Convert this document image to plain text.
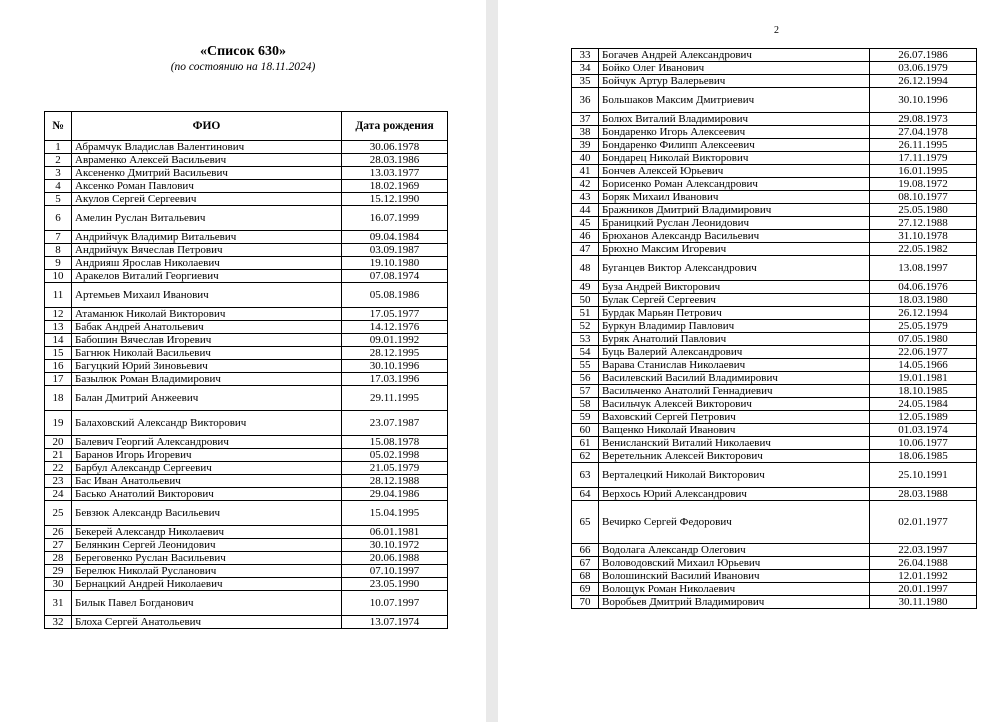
«Список 630»
(по состоянию на 18.11.2024)
№	ФИО	Дата рождения
1	Абрамчук Владислав Валентинович	30.06.1978
2	Авраменко Алексей Васильевич	28.03.1986
3	Аксененко Дмитрий Васильевич	13.03.1977
4	Аксенко Роман Павлович	18.02.1969
5	Акулов Сергей Сергеевич	15.12.1990
6	Амелин Руслан Витальевич	16.07.1999
7	Андрийчук Владимир Витальевич	09.04.1984
8	Андрийчук Вячеслав Петрович	03.09.1987
9	Андрияш Ярослав Николаевич	19.10.1980
10	Аракелов Виталий Георгиевич	07.08.1974
11	Артемьев Михаил Иванович	05.08.1986
12	Атаманюк Николай Викторович	17.05.1977
13	Бабак Андрей Анатольевич	14.12.1976
14	Бабошин Вячеслав Игоревич	09.01.1992
15	Багнюк Николай Васильевич	28.12.1995
16	Багуцкий Юрий Зиновьевич	30.10.1996
17	Базылюк Роман Владимирович	17.03.1996
18	Балан Дмитрий Анжеевич	29.11.1995
19	Балаховский Александр Викторович	23.07.1987
20	Балевич Георгий Александрович	15.08.1978
21	Баранов Игорь Игоревич	05.02.1998
22	Барбул Александр Сергеевич	21.05.1979
23	Бас Иван Анатольевич	28.12.1988
24	Басько Анатолий Викторович	29.04.1986
25	Бевзюк Александр Васильевич	15.04.1995
26	Бекерей Александр Николаевич	06.01.1981
27	Белянкин Сергей Леонидович	30.10.1972
28	Береговенко Руслан Васильевич	20.06.1988
29	Берелюк Николай Русланович	07.10.1997
30	Бернацкий Андрей Николаевич	23.05.1990
31	Билык Павел Богданович	10.07.1997
32	Блоха Сергей Анатольевич	13.07.1974
2
33	Богачев Андрей Александрович	26.07.1986
34	Бойко Олег Иванович	03.06.1979
35	Бойчук Артур Валерьевич	26.12.1994
36	Большаков Максим Дмитриевич	30.10.1996
37	Болюх Виталий Владимирович	29.08.1973
38	Бондаренко Игорь Алексеевич	27.04.1978
39	Бондаренко Филипп Алексеевич	26.11.1995
40	Бондарец Николай Викторович	17.11.1979
41	Бончев Алексей Юрьевич	16.01.1995
42	Борисенко Роман Александрович	19.08.1972
43	Боряк Михаил Иванович	08.10.1977
44	Бражников Дмитрий Владимирович	25.05.1980
45	Браницкий Руслан Леонидович	27.12.1988
46	Брюханов Александр Васильевич	31.10.1978
47	Брюхно Максим Игоревич	22.05.1982
48	Буганцев Виктор Александрович	13.08.1997
49	Буза Андрей Викторович	04.06.1976
50	Булак Сергей Сергеевич	18.03.1980
51	Бурдак Марьян Петрович	26.12.1994
52	Буркун Владимир Павлович	25.05.1979
53	Буряк Анатолий Павлович	07.05.1980
54	Буць Валерий Александрович	22.06.1977
55	Варава Станислав Николаевич	14.05.1966
56	Василевский Василий Владимирович	19.01.1981
57	Васильченко Анатолий Геннадиевич	18.10.1985
58	Васильчук Алексей Викторович	24.05.1984
59	Ваховский Сергей Петрович	12.05.1989
60	Ващенко Николай Иванович	01.03.1974
61	Венисланский Виталий Николаевич	10.06.1977
62	Веретельник Алексей Викторович	18.06.1985
63	Верталецкий Николай Викторович	25.10.1991
64	Верхось Юрий Александрович	28.03.1988
65	Вечирко Сергей Федорович	02.01.1977
66	Водолага Александр Олегович	22.03.1997
67	Воловодовский Михаил Юрьевич	26.04.1988
68	Волошинский Василий Иванович	12.01.1992
69	Волощук Роман Николаевич	20.01.1997
70	Воробьев Дмитрий Владимирович	30.11.1980
